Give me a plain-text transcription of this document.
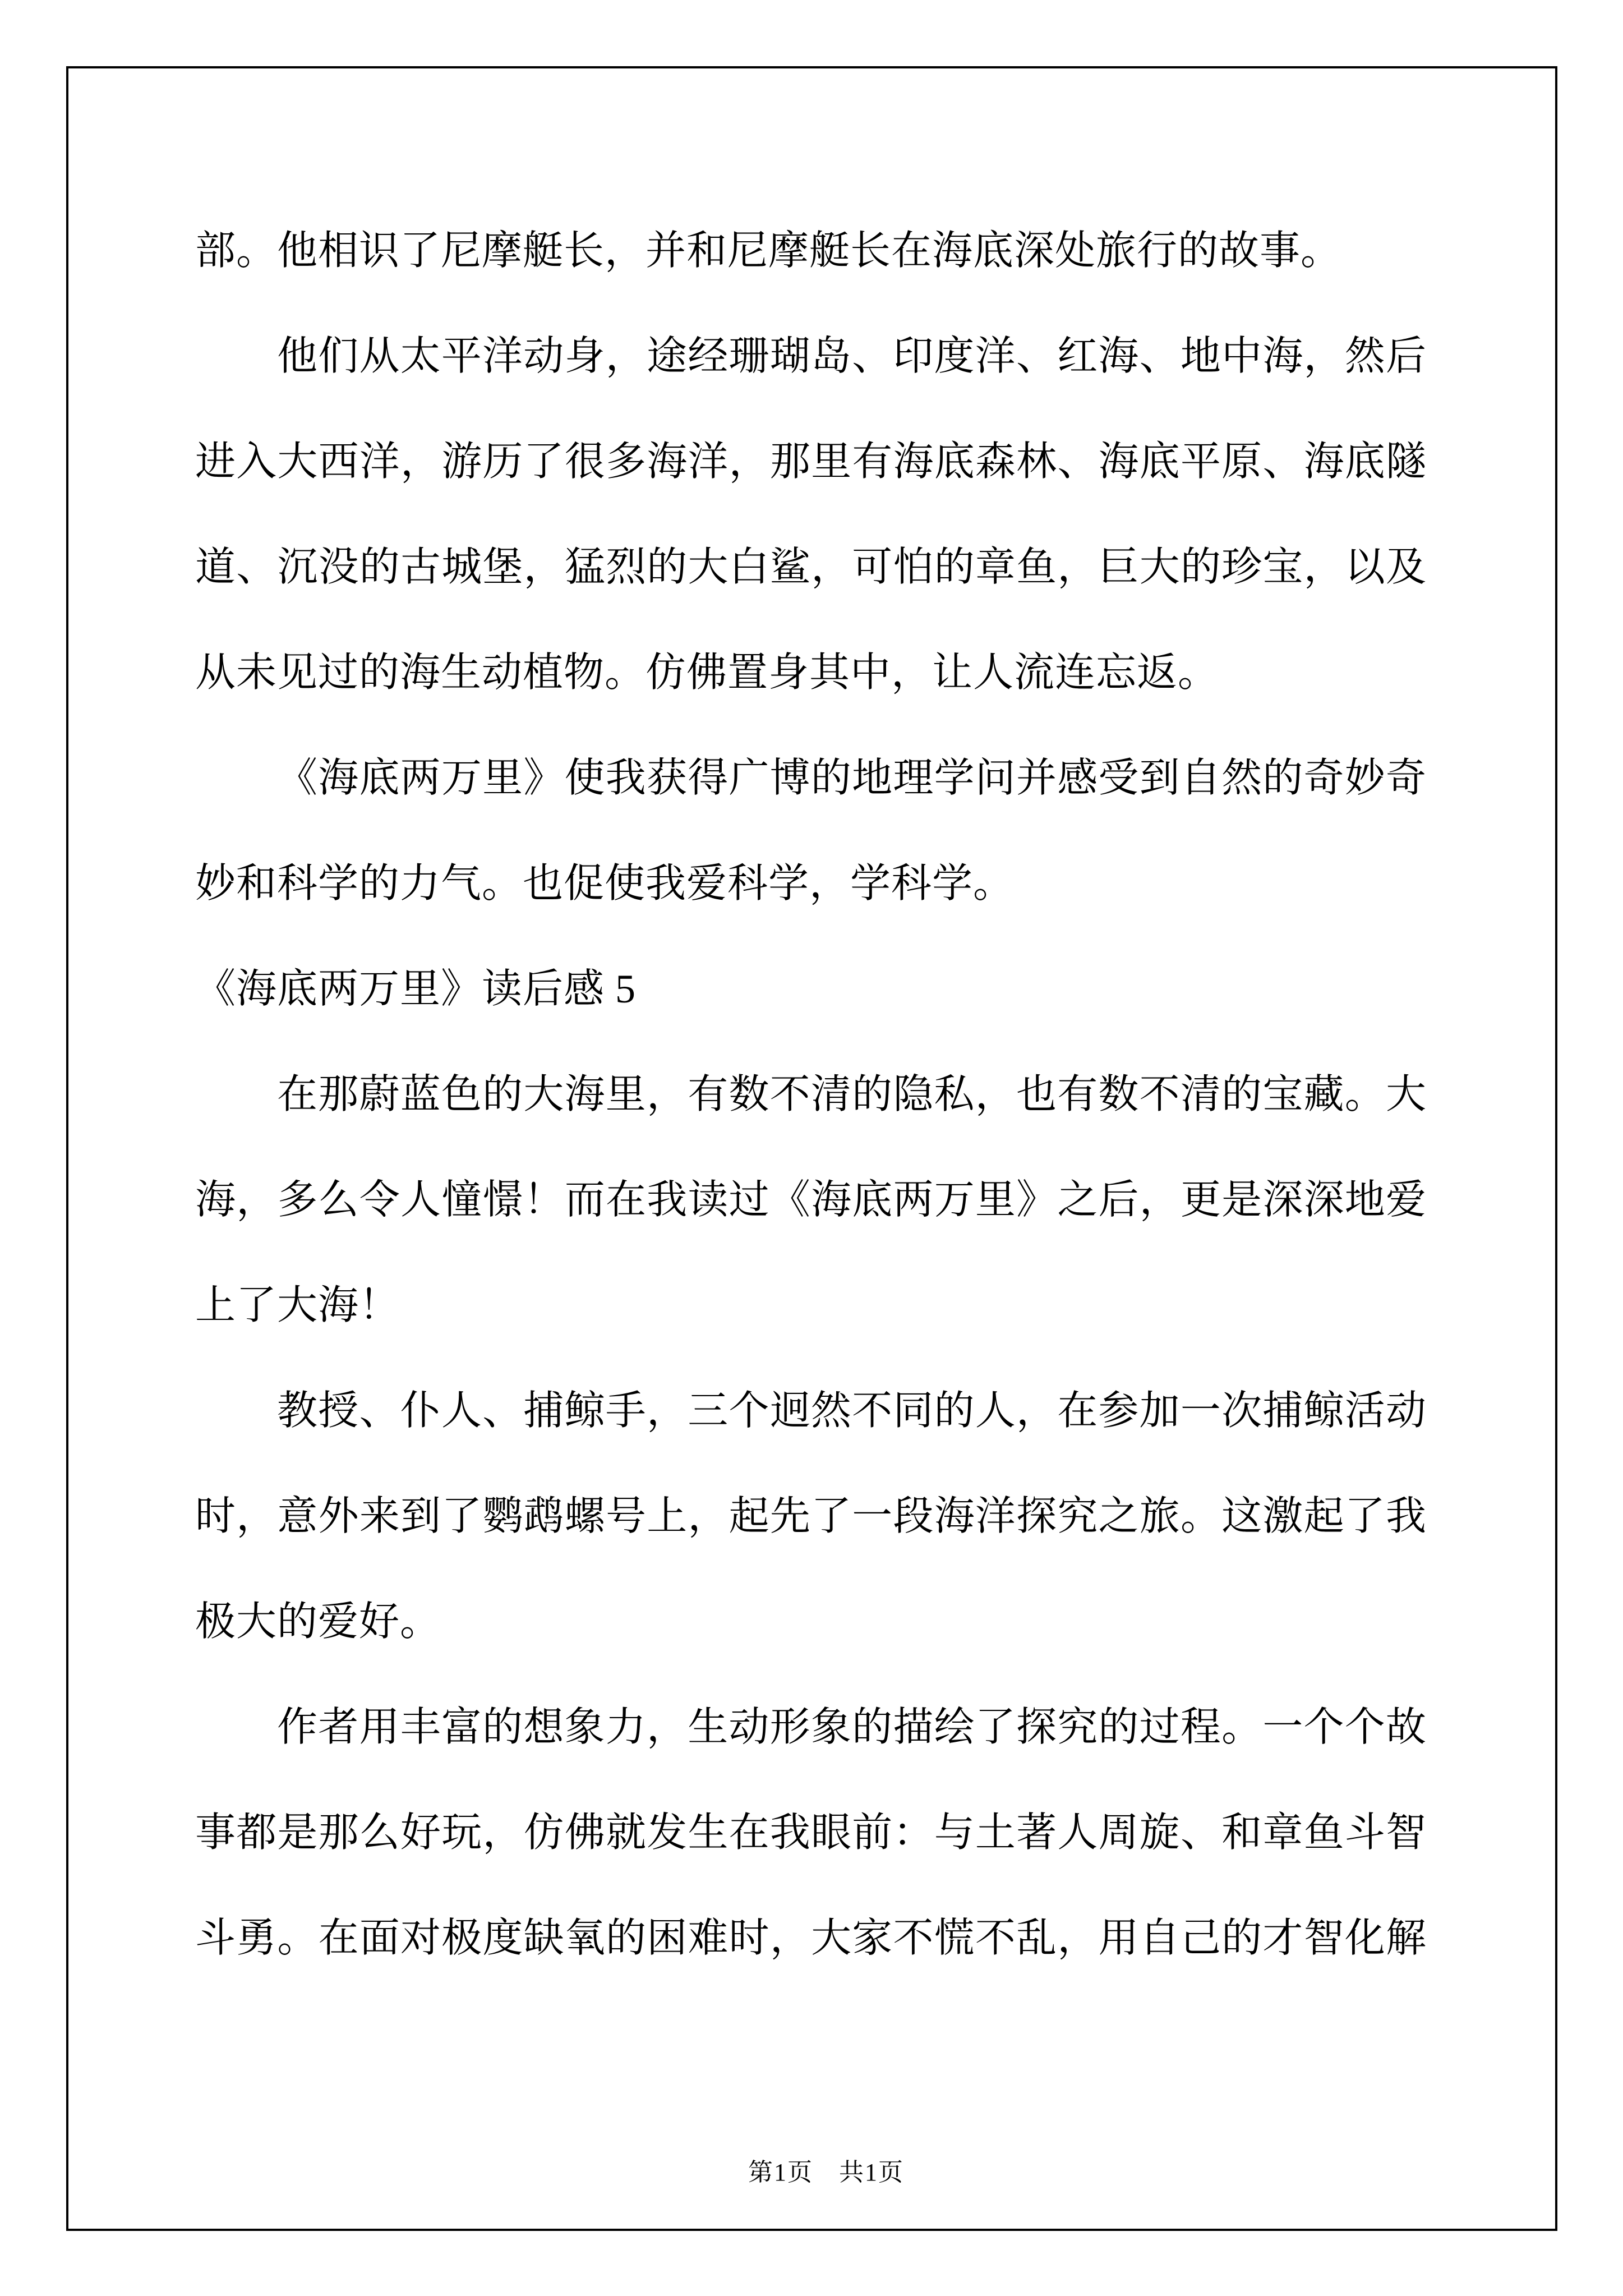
部。他相识了尼摩艇长，并和尼摩艇长在海底深处旅行的故事。
他们从太平洋动身，途经珊瑚岛、印度洋、红海、地中海，然后
进入大西洋，游历了很多海洋，那里有海底森林、海底平原、海底隧
道、沉没的古城堡，猛烈的大白鲨，可怕的章鱼，巨大的珍宝，以及
从未见过的海生动植物。仿佛置身其中，让人流连忘返。
《海底两万里》使我获得广博的地理学问并感受到自然的奇妙奇
妙和科学的力气。也促使我爱科学，学科学。
《海底两万里》读后感 5
在那蔚蓝色的大海里，有数不清的隐私，也有数不清的宝藏。大
海，多么令人憧憬！而在我读过《海底两万里》之后，更是深深地爱
上了大海！
教授、仆人、捕鲸手，三个迥然不同的人，在参加一次捕鲸活动
时，意外来到了鹦鹉螺号上，起先了一段海洋探究之旅。这激起了我
极大的爱好。
作者用丰富的想象力，生动形象的描绘了探究的过程。一个个故
事都是那么好玩，仿佛就发生在我眼前：与土著人周旋、和章鱼斗智
斗勇。在面对极度缺氧的困难时，大家不慌不乱，用自己的才智化解

第1页　共1页
